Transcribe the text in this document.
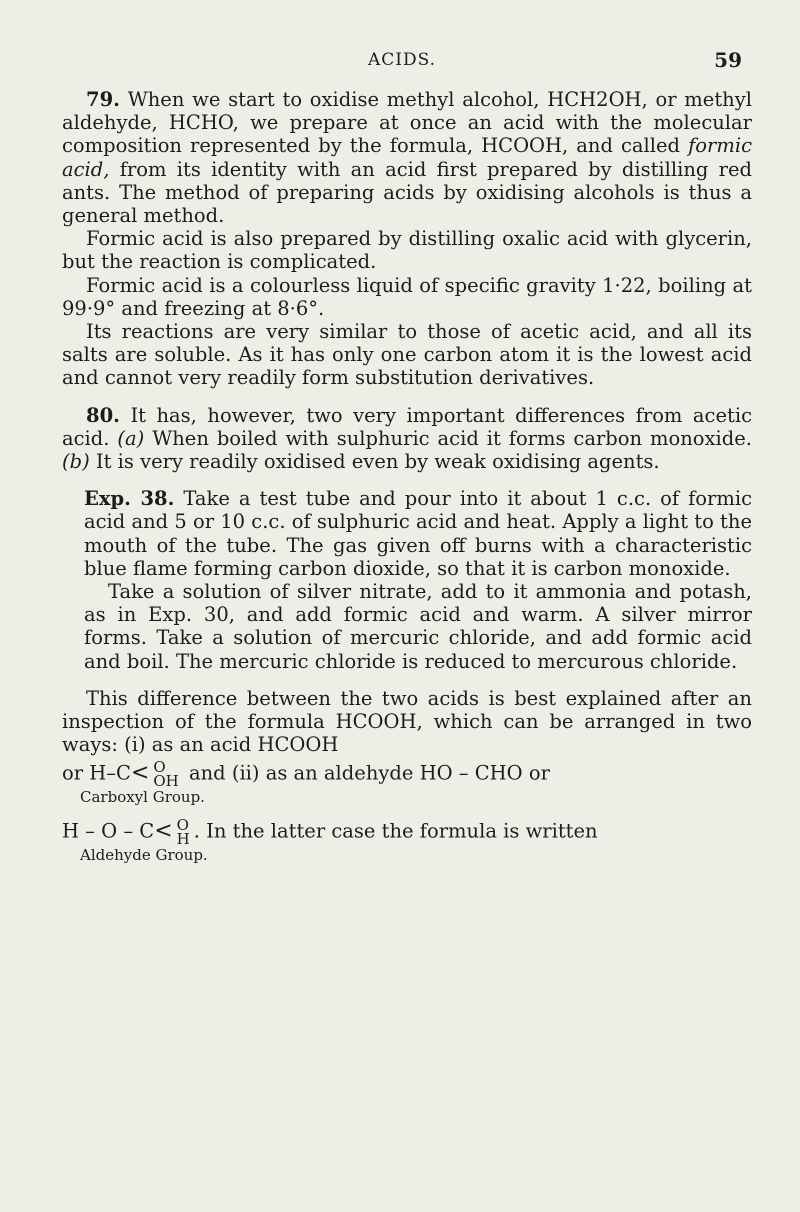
ACIDS.	59

79. When we start to oxidise methyl alcohol, HCH2OH, or methyl aldehyde, HCHO, we prepare at once an acid with the molecular composition represented by the formula, HCOOH, and called formic acid, from its identity with an acid first prepared by distilling red ants. The method of preparing acids by oxidising alcohols is thus a general method.

Formic acid is also prepared by distilling oxalic acid with glycerin, but the reaction is complicated.

Formic acid is a colourless liquid of specific gravity 1·22, boiling at 99·9° and freezing at 8·6°.

Its reactions are very similar to those of acetic acid, and all its salts are soluble. As it has only one carbon atom it is the lowest acid and cannot very readily form substitution derivatives.

80. It has, however, two very important differences from acetic acid. (a) When boiled with sulphuric acid it forms carbon monoxide. (b) It is very readily oxidised even by weak oxidising agents.

Exp. 38. Take a test tube and pour into it about 1 c.c. of formic acid and 5 or 10 c.c. of sulphuric acid and heat. Apply a light to the mouth of the tube. The gas given off burns with a characteristic blue flame forming carbon dioxide, so that it is carbon monoxide.

Take a solution of silver nitrate, add to it ammonia and potash, as in Exp. 30, and add formic acid and warm. A silver mirror forms. Take a solution of mercuric chloride, and add formic acid and boil. The mercuric chloride is reduced to mercurous chloride.

This difference between the two acids is best explained after an inspection of the formula HCOOH, which can be arranged in two ways: (i) as an acid HCOOH

or H–C< O
OH and (ii) as an aldehyde HO – CHO or
Carboxyl Group.
H – O – C< O
H . In the latter case the formula is written
Aldehyde Group.
